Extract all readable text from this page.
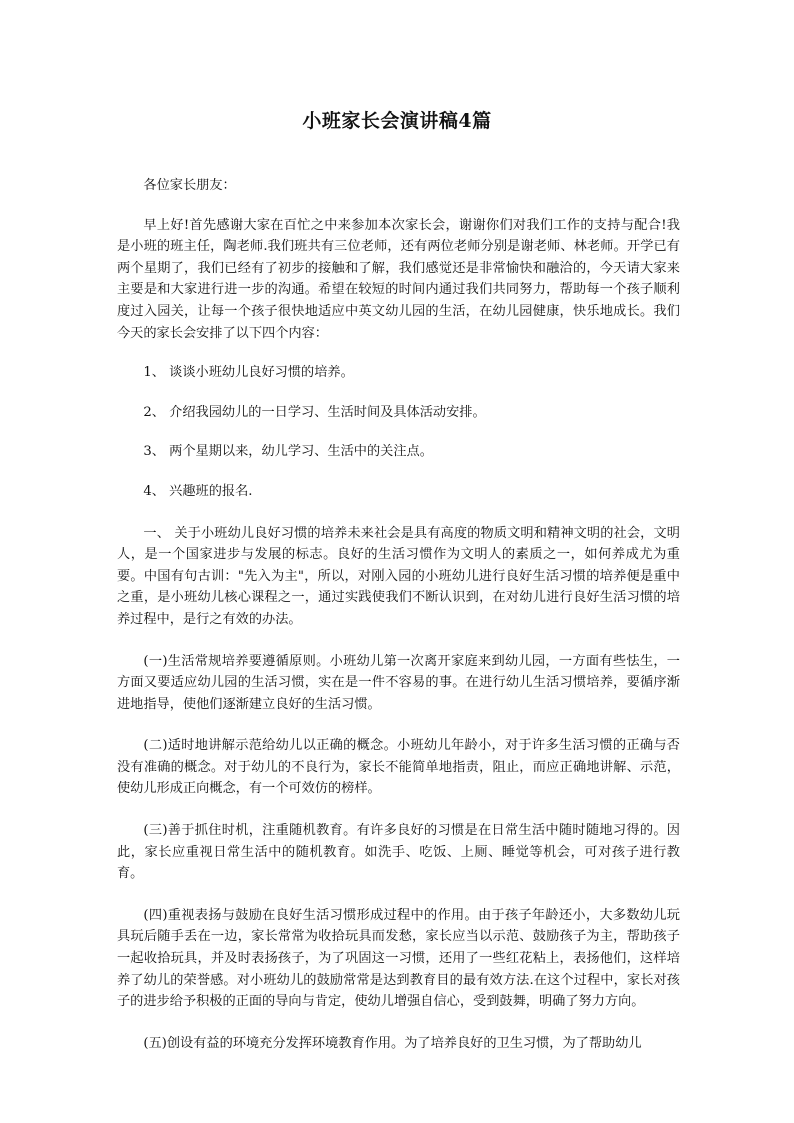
小班家长会演讲稿4篇

各位家长朋友：

早上好!首先感谢大家在百忙之中来参加本次家长会，谢谢你们对我们工作的支持与配合!我是小班的班主任，陶老师.我们班共有三位老师，还有两位老师分别是谢老师、林老师。开学已有两个星期了，我们已经有了初步的接触和了解，我们感觉还是非常愉快和融洽的，今天请大家来主要是和大家进行进一步的沟通。希望在较短的时间内通过我们共同努力，帮助每一个孩子顺利度过入园关，让每一个孩子很快地适应中英文幼儿园的生活，在幼儿园健康，快乐地成长。我们今天的家长会安排了以下四个内容：

1、 谈谈小班幼儿良好习惯的培养。

2、 介绍我园幼儿的一日学习、生活时间及具体活动安排。

3、 两个星期以来，幼儿学习、生活中的关注点。

4、 兴趣班的报名.

一、 关于小班幼儿良好习惯的培养未来社会是具有高度的物质文明和精神文明的社会，文明人，是一个国家进步与发展的标志。良好的生活习惯作为文明人的素质之一，如何养成尤为重要。中国有句古训："先入为主"，所以，对刚入园的小班幼儿进行良好生活习惯的培养便是重中之重，是小班幼儿核心课程之一，通过实践使我们不断认识到，在对幼儿进行良好生活习惯的培养过程中，是行之有效的办法。

(一)生活常规培养要遵循原则。小班幼儿第一次离开家庭来到幼儿园，一方面有些怯生，一方面又要适应幼儿园的生活习惯，实在是一件不容易的事。在进行幼儿生活习惯培养，要循序渐进地指导，使他们逐渐建立良好的生活习惯。

(二)适时地讲解示范给幼儿以正确的概念。小班幼儿年龄小，对于许多生活习惯的正确与否没有准确的概念。对于幼儿的不良行为，家长不能简单地指责，阻止，而应正确地讲解、示范，使幼儿形成正向概念，有一个可效仿的榜样。

(三)善于抓住时机，注重随机教育。有许多良好的习惯是在日常生活中随时随地习得的。因此，家长应重视日常生活中的随机教育。如洗手、吃饭、上厕、睡觉等机会，可对孩子进行教育。

(四)重视表扬与鼓励在良好生活习惯形成过程中的作用。由于孩子年龄还小，大多数幼儿玩具玩后随手丢在一边，家长常常为收拾玩具而发愁，家长应当以示范、鼓励孩子为主，帮助孩子一起收拾玩具，并及时表扬孩子，为了巩固这一习惯，还用了一些红花粘上，表扬他们，这样培养了幼儿的荣誉感。对小班幼儿的鼓励常常是达到教育目的最有效方法.在这个过程中，家长对孩子的进步给予积极的正面的导向与肯定，使幼儿增强自信心，受到鼓舞，明确了努力方向。

(五)创设有益的环境充分发挥环境教育作用。为了培养良好的卫生习惯，为了帮助幼儿
